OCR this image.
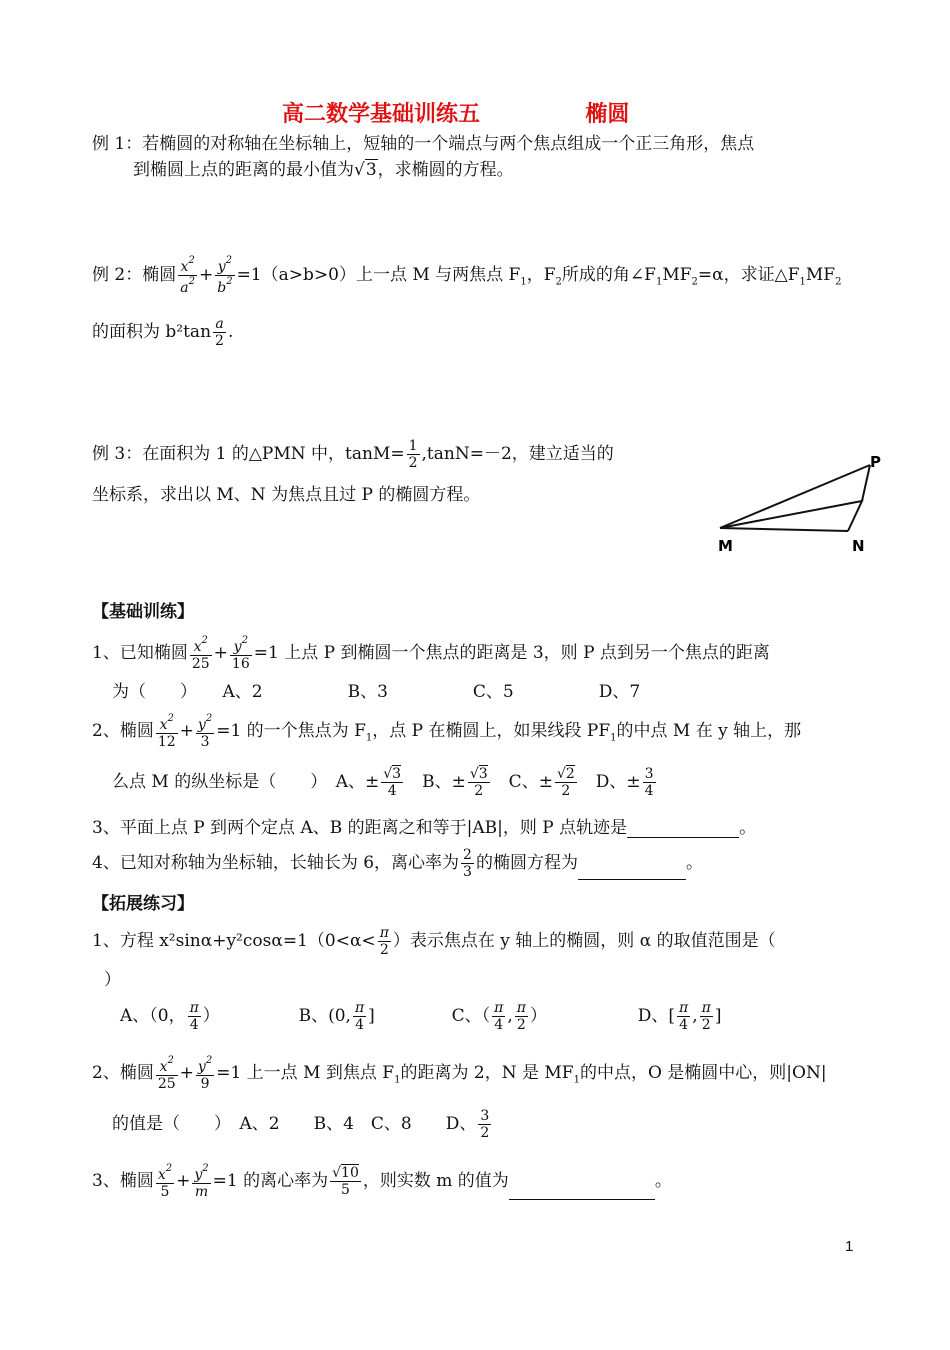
高二数学基础训练五	椭圆
例 1：若椭圆的对称轴在坐标轴上，短轴的一个端点与两个焦点组成一个正三角形，焦点
到椭圆上点的距离的最小值为√3，求椭圆的方程。
例 2：椭圆 $\frac{x^2}{a^2} + \frac{y^2}{b^2} =1(a>b>0)$上一点 M 与两焦点 $F_1$，$F_2$所成的角$\angle F_1MF_2=\alpha$，求证$\triangle F_1MF_2$
的面积为 $b^2\tan \frac{a}{2}$ .
例 3：在面积为 1 的△PMN 中，$\tan M= \frac{1}{2} ,\tan N=-2$，建立适当的
坐标系，求出以 M、N 为焦点且过 P 的椭圆方程。
P
M	N
【基础训练】
1、已知椭圆 $\frac{x^2}{25} + \frac{y^2}{16} =1$ 上点 P 到椭圆一个焦点的距离是 3，则 P 点到另一个焦点的距离
为（　　）　　A、2　　　　　B、3　　　　　C、5　　　　　D、7
2、椭圆 $\frac{x^2}{12} + \frac{y^2}{3} =1$ 的一个焦点为 $F_1$，点 P 在椭圆上，如果线段 $PF_1$的中点 M 在 y 轴上，那
么点 M 的纵坐标是（　　）　A、± $\frac{√3}{4}$ 　B、± $\frac{√3}{2}$ 　C、± $\frac{√2}{2}$ 　D、± $\frac{3}{4}$
3、平面上点 P 到两个定点 A、B 的距离之和等于|AB|，则 P 点轨迹是	。
4、已知对称轴为坐标轴，长轴长为 6，离心率为 $\frac{2}{3}$ 的椭圆方程为	。
【拓展练习】
1、方程 $x^2\sin\alpha+y^2\cos\alpha=1(0<\alpha< \frac{\pi}{2}$ ）表示焦点在 y 轴上的椭圆，则 α 的取值范围是（
）
A、（0， $\frac{\pi}{4}$ ）	B、(0, $\frac{\pi}{4}$ ]	C、（ $\frac{\pi}{4}$ , $\frac{\pi}{2}$ ）	D、[ $\frac{\pi}{4}$ , $\frac{\pi}{2}$ ]
2、椭圆 $\frac{x^2}{25} + \frac{y^2}{9} =1$ 上一点 M 到焦点 $F_1$的距离为 2，N 是 $MF_1$的中点，O 是椭圆中心，则|ON|
的值是（　　）　A、2　　B、4　C、8　　D、 $\frac{3}{2}$
3、椭圆 $\frac{x^2}{5} + \frac{y^2}{m} =1$ 的离心率为 $\frac{√10}{5}$ ，则实数 m 的值为	。
1
